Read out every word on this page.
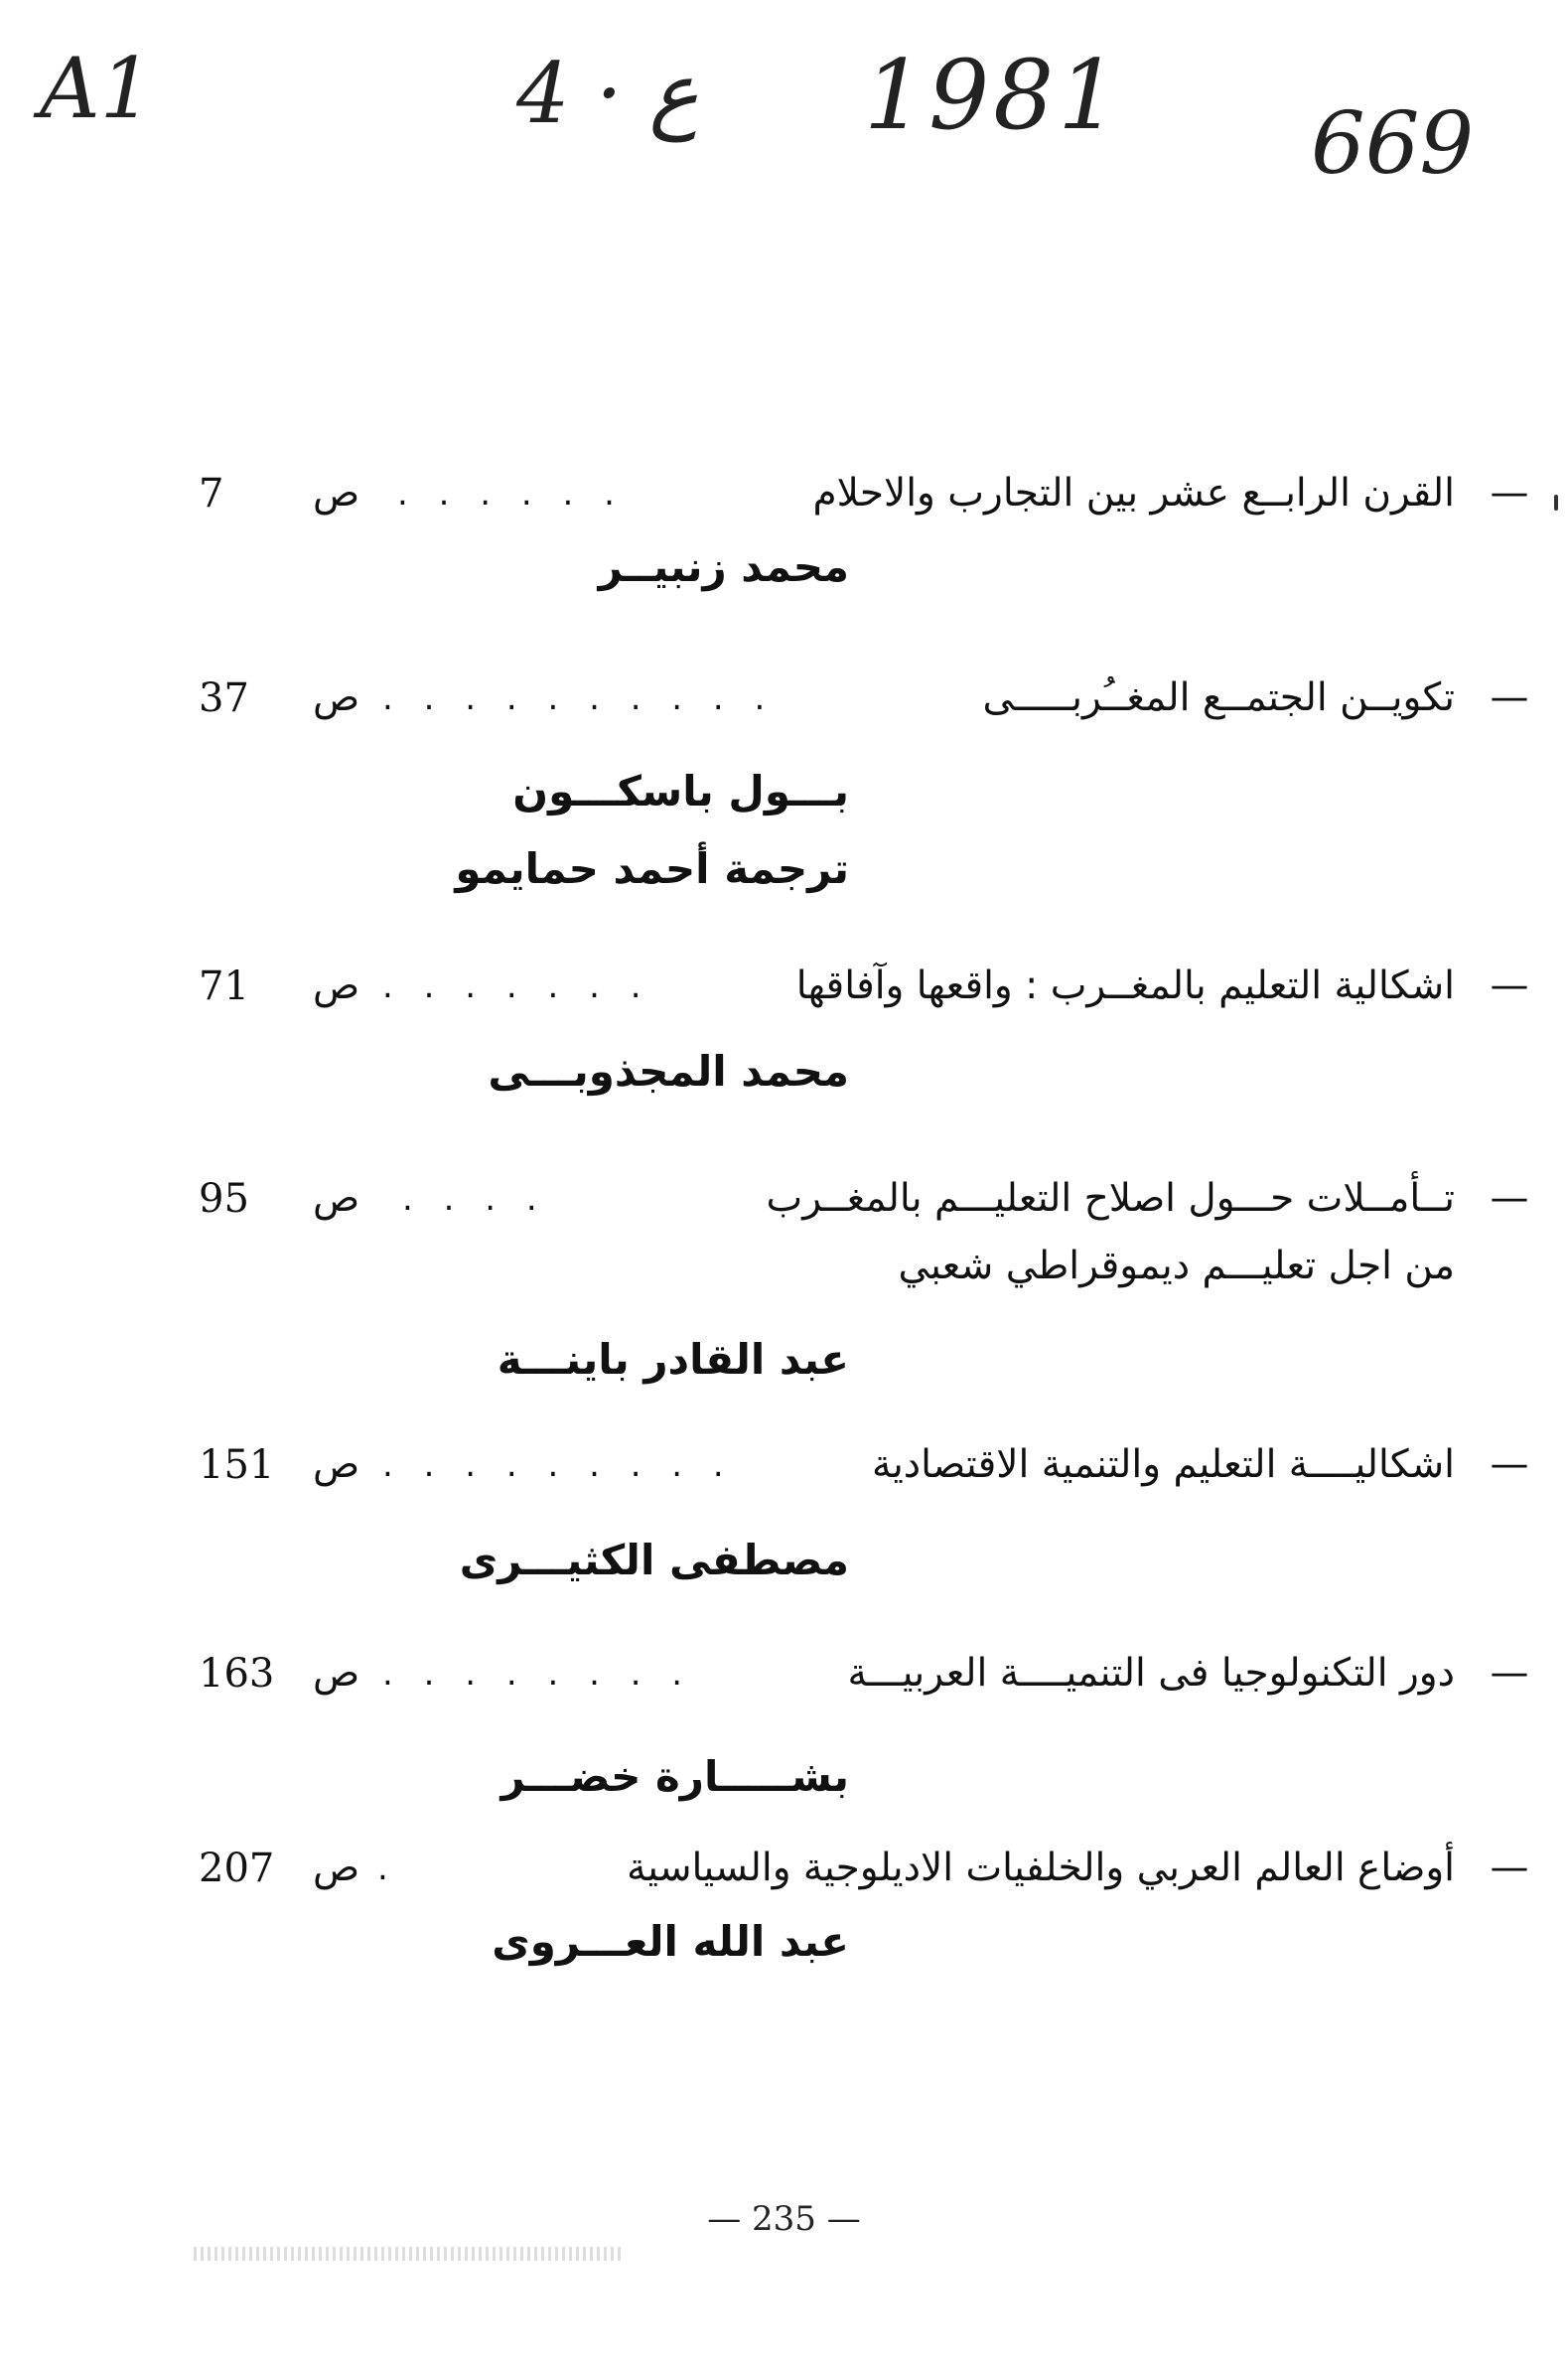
A1	4 · ع 1981 669
—
القرن الرابــع عشر بين التجارب والاحلام
. . . . . .
ص
7
محمد زنبيــر
—
تكويــن الجتمــع المغــُربـــــى
. . . . . . . . . .
ص
37
بـــول باسكـــون
ترجمة أحمد حمايمو
—
اشكالية التعليم بالمغــرب : واقعها وآفاقها
. . . . . . .
ص
71
محمد المجذوبـــى
—
تــأمــلات حـــول اصلاح التعليـــم بالمغــرب
. . . .
ص
95
من اجل تعليـــم ديموقراطي شعبي
عبد القادر باينـــة
—
اشكاليــــة التعليم والتنمية الاقتصادية
. . . . . . . . .
ص
151
مصطفى الكثيـــرى
—
دور التكنولوجيا فى التنميــــة العربيـــة
. . . . . . . .
ص
163
بشـــــارة خضـــر
—
أوضاع العالم العربي والخلفيات الاديلوجية والسياسية
.
ص
207
عبد الله العـــروى
— 235 —
